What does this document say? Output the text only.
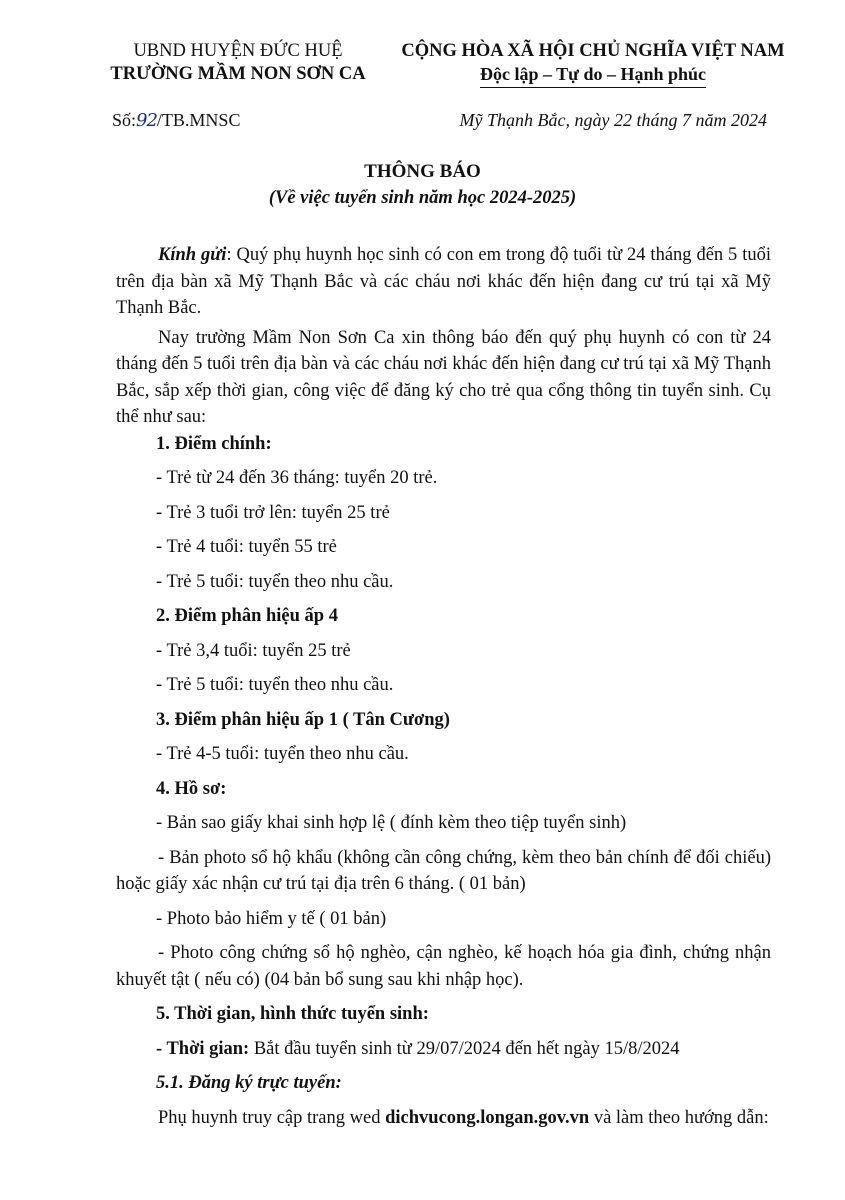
UBND HUYỆN ĐỨC HUỆ
TRƯỜNG MẦM NON SƠN CA
CỘNG HÒA XÃ HỘI CHỦ NGHĨA VIỆT NAM
Độc lập – Tự do – Hạnh phúc
Số:92/TB.MNSC	Mỹ Thạnh Bắc, ngày 22 tháng 7 năm 2024
THÔNG BÁO
(Về việc tuyển sinh năm học 2024-2025)

Kính gửi: Quý phụ huynh học sinh có con em trong độ tuổi từ 24 tháng đến 5 tuổi trên địa bàn xã Mỹ Thạnh Bắc và các cháu nơi khác đến hiện đang cư trú tại xã Mỹ Thạnh Bắc.

Nay trường Mầm Non Sơn Ca xin thông báo đến quý phụ huynh có con từ 24 tháng đến 5 tuổi trên địa bàn và các cháu nơi khác đến hiện đang cư trú tại xã Mỹ Thạnh Bắc, sắp xếp thời gian, công việc để đăng ký cho trẻ qua cổng thông tin tuyển sinh. Cụ thể như sau:

1. Điểm chính:

- Trẻ từ 24 đến 36 tháng: tuyển 20 trẻ.

- Trẻ 3 tuổi trở lên: tuyển 25 trẻ

- Trẻ 4 tuổi: tuyển 55 trẻ

- Trẻ 5 tuổi: tuyển theo nhu cầu.

2. Điểm phân hiệu ấp 4

- Trẻ 3,4 tuổi: tuyển 25 trẻ

- Trẻ 5 tuổi: tuyển theo nhu cầu.

3. Điểm phân hiệu ấp 1 ( Tân Cương)

- Trẻ 4-5 tuổi: tuyển theo nhu cầu.

4. Hồ sơ:

- Bản sao giấy khai sinh hợp lệ ( đính kèm theo tiệp tuyển sinh)

- Bản photo sổ hộ khẩu (không cần công chứng, kèm theo bản chính để đối chiếu) hoặc giấy xác nhận cư trú tại địa trên 6 tháng. ( 01 bản)

- Photo bảo hiểm y tế ( 01 bản)

- Photo công chứng sổ hộ nghèo, cận nghèo, kế hoạch hóa gia đình, chứng nhận khuyết tật ( nếu có) (04 bản bổ sung sau khi nhập học).

5. Thời gian, hình thức tuyển sinh:

- Thời gian: Bắt đầu tuyển sinh từ 29/07/2024 đến hết ngày 15/8/2024

5.1. Đăng ký trực tuyến:

Phụ huynh truy cập trang wed dichvucong.longan.gov.vn và làm theo hướng dẫn:
